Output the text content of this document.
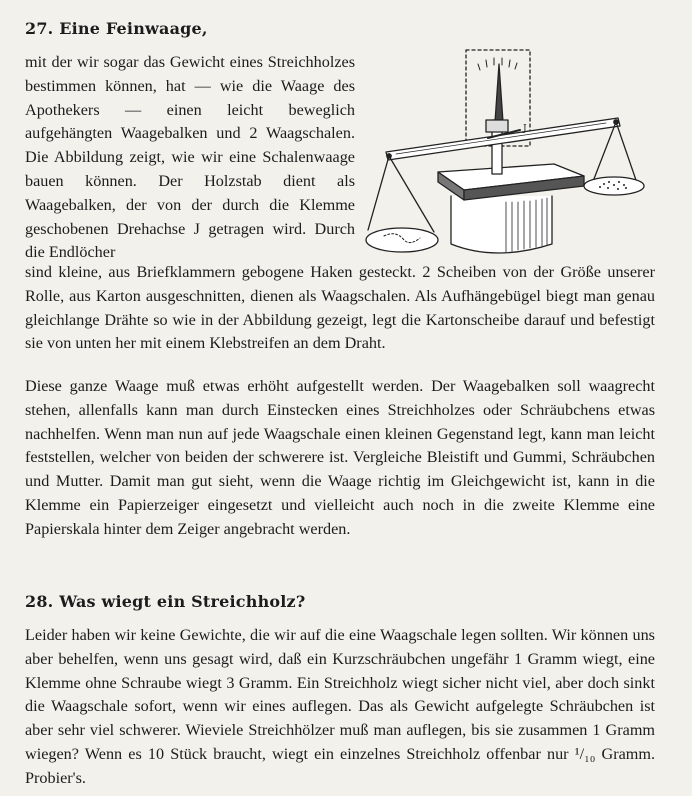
27. Eine Feinwaage,

mit der wir sogar das Gewicht eines Streichholzes bestimmen können, hat — wie die Waage des Apothekers — einen leicht beweglich aufgehängten Waagebalken und 2 Waagschalen. Die Abbildung zeigt, wie wir eine Schalenwaage bauen können. Der Holzstab dient als Waagebalken, der von der durch die Klemme geschobenen Drehachse J getragen wird. Durch die Endlöcher

sind kleine, aus Briefklammern gebogene Haken gesteckt. 2 Scheiben von der Größe unserer Rolle, aus Karton ausgeschnitten, dienen als Waagschalen. Als Aufhängebügel biegt man genau gleichlange Drähte so wie in der Abbildung gezeigt, legt die Kartonscheibe darauf und befestigt sie von unten her mit einem Klebstreifen an dem Draht.

Diese ganze Waage muß etwas erhöht aufgestellt werden. Der Waagebalken soll waagrecht stehen, allenfalls kann man durch Einstecken eines Streichholzes oder Schräubchens etwas nachhelfen. Wenn man nun auf jede Waagschale einen kleinen Gegenstand legt, kann man leicht feststellen, welcher von beiden der schwerere ist. Vergleiche Bleistift und Gummi, Schräubchen und Mutter. Damit man gut sieht, wenn die Waage richtig im Gleichgewicht ist, kann in die Klemme ein Papierzeiger eingesetzt und vielleicht auch noch in die zweite Klemme eine Papierskala hinter dem Zeiger angebracht werden.

28. Was wiegt ein Streichholz?

Leider haben wir keine Gewichte, die wir auf die eine Waagschale legen sollten. Wir können uns aber behelfen, wenn uns gesagt wird, daß ein Kurzschräubchen ungefähr 1 Gramm wiegt, eine Klemme ohne Schraube wiegt 3 Gramm. Ein Streichholz wiegt sicher nicht viel, aber doch sinkt die Waagschale sofort, wenn wir eines auflegen. Das als Gewicht aufgelegte Schräubchen ist aber sehr viel schwerer. Wieviele Streichhölzer muß man auflegen, bis sie zusammen 1 Gramm wiegen? Wenn es 10 Stück braucht, wiegt ein einzelnes Streichholz offenbar nur ¹/₁₀ Gramm. Probier's.

J
